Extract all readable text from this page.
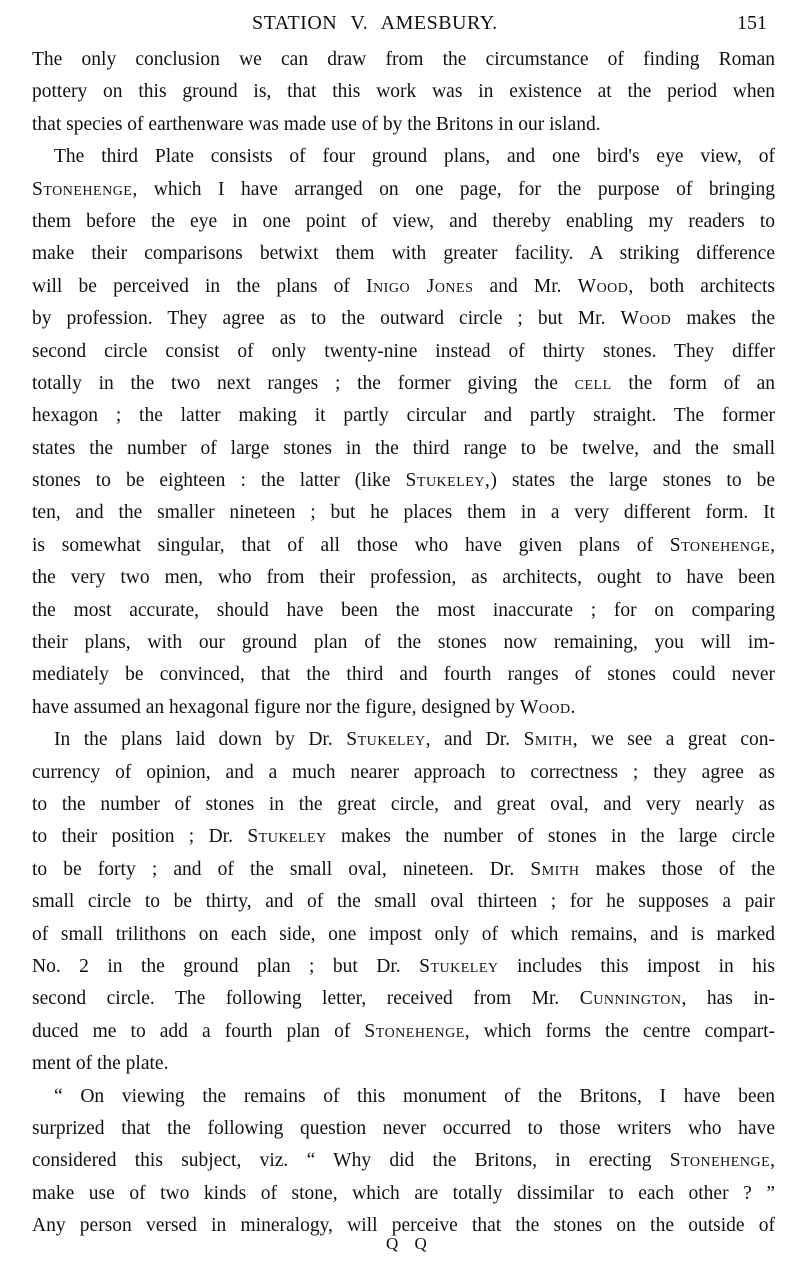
STATION V. AMESBURY.	151
The only conclusion we can draw from the circumstance of finding Roman
pottery on this ground is, that this work was in existence at the period when
that species of earthenware was made use of by the Britons in our island.
The third Plate consists of four ground plans, and one bird's eye view, of
Stonehenge, which I have arranged on one page, for the purpose of bringing
them before the eye in one point of view, and thereby enabling my readers to
make their comparisons betwixt them with greater facility. A striking difference
will be perceived in the plans of Inigo Jones and Mr. Wood, both architects
by profession. They agree as to the outward circle ; but Mr. Wood makes the
second circle consist of only twenty-nine instead of thirty stones. They differ
totally in the two next ranges ; the former giving the cell the form of an
hexagon ; the latter making it partly circular and partly straight. The former
states the number of large stones in the third range to be twelve, and the small
stones to be eighteen : the latter (like Stukeley,) states the large stones to be
ten, and the smaller nineteen ; but he places them in a very different form. It
is somewhat singular, that of all those who have given plans of Stonehenge,
the very two men, who from their profession, as architects, ought to have been
the most accurate, should have been the most inaccurate ; for on comparing
their plans, with our ground plan of the stones now remaining, you will im-
mediately be convinced, that the third and fourth ranges of stones could never
have assumed an hexagonal figure nor the figure, designed by Wood.
In the plans laid down by Dr. Stukeley, and Dr. Smith, we see a great con-
currency of opinion, and a much nearer approach to correctness ; they agree as
to the number of stones in the great circle, and great oval, and very nearly as
to their position ; Dr. Stukeley makes the number of stones in the large circle
to be forty ; and of the small oval, nineteen. Dr. Smith makes those of the
small circle to be thirty, and of the small oval thirteen ; for he supposes a pair
of small trilithons on each side, one impost only of which remains, and is marked
No. 2 in the ground plan ; but Dr. Stukeley includes this impost in his
second circle. The following letter, received from Mr. Cunnington, has in-
duced me to add a fourth plan of Stonehenge, which forms the centre compart-
ment of the plate.
“ On viewing the remains of this monument of the Britons, I have been
surprized that the following question never occurred to those writers who have
considered this subject, viz. “ Why did the Britons, in erecting Stonehenge,
make use of two kinds of stone, which are totally dissimilar to each other ? ”
Any person versed in mineralogy, will perceive that the stones on the outside of
Q Q
